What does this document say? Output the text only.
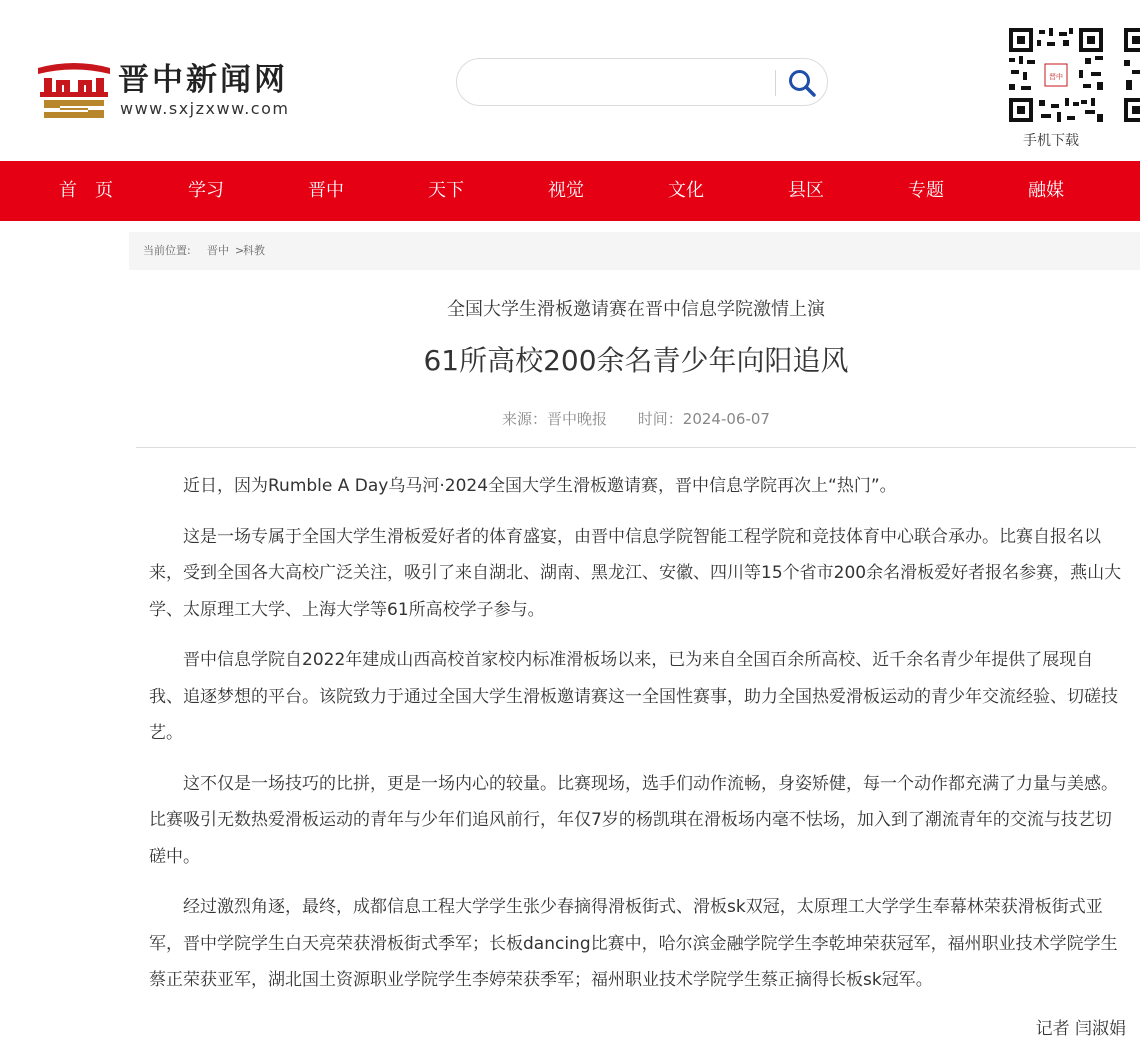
晋中新闻网
www.sxjzxww.com
晋中
手机下载
首　页	学习	晋中	天下	视觉	文化	县区	专题	融媒
当前位置: 晋中 >
科教
全国大学生滑板邀请赛在晋中信息学院激情上演
61所高校200余名青少年向阳追风
来源：晋中晚报 时间：2024-06-07

近日，因为Rumble A Day乌马河·2024全国大学生滑板邀请赛，晋中信息学院再次上“热门”。

这是一场专属于全国大学生滑板爱好者的体育盛宴，由晋中信息学院智能工程学院和竞技体育中心联合承办。比赛自报名以来，受到全国各大高校广泛关注，吸引了来自湖北、湖南、黑龙江、安徽、四川等15个省市200余名滑板爱好者报名参赛，燕山大学、太原理工大学、上海大学等61所高校学子参与。

晋中信息学院自2022年建成山西高校首家校内标准滑板场以来，已为来自全国百余所高校、近千余名青少年提供了展现自我、追逐梦想的平台。该院致力于通过全国大学生滑板邀请赛这一全国性赛事，助力全国热爱滑板运动的青少年交流经验、切磋技艺。

这不仅是一场技巧的比拼，更是一场内心的较量。比赛现场，选手们动作流畅，身姿矫健，每一个动作都充满了力量与美感。比赛吸引无数热爱滑板运动的青年与少年们追风前行，年仅7岁的杨凯琪在滑板场内毫不怯场，加入到了潮流青年的交流与技艺切磋中。

经过激烈角逐，最终，成都信息工程大学学生张少春摘得滑板街式、滑板sk双冠，太原理工大学学生奉幕林荣获滑板街式亚军，晋中学院学生白天亮荣获滑板街式季军；长板dancing比赛中，哈尔滨金融学院学生李乾坤荣获冠军，福州职业技术学院学生蔡正荣获亚军，湖北国土资源职业学院学生李婷荣获季军；福州职业技术学院学生蔡正摘得长板sk冠军。

记者 闫淑娟
